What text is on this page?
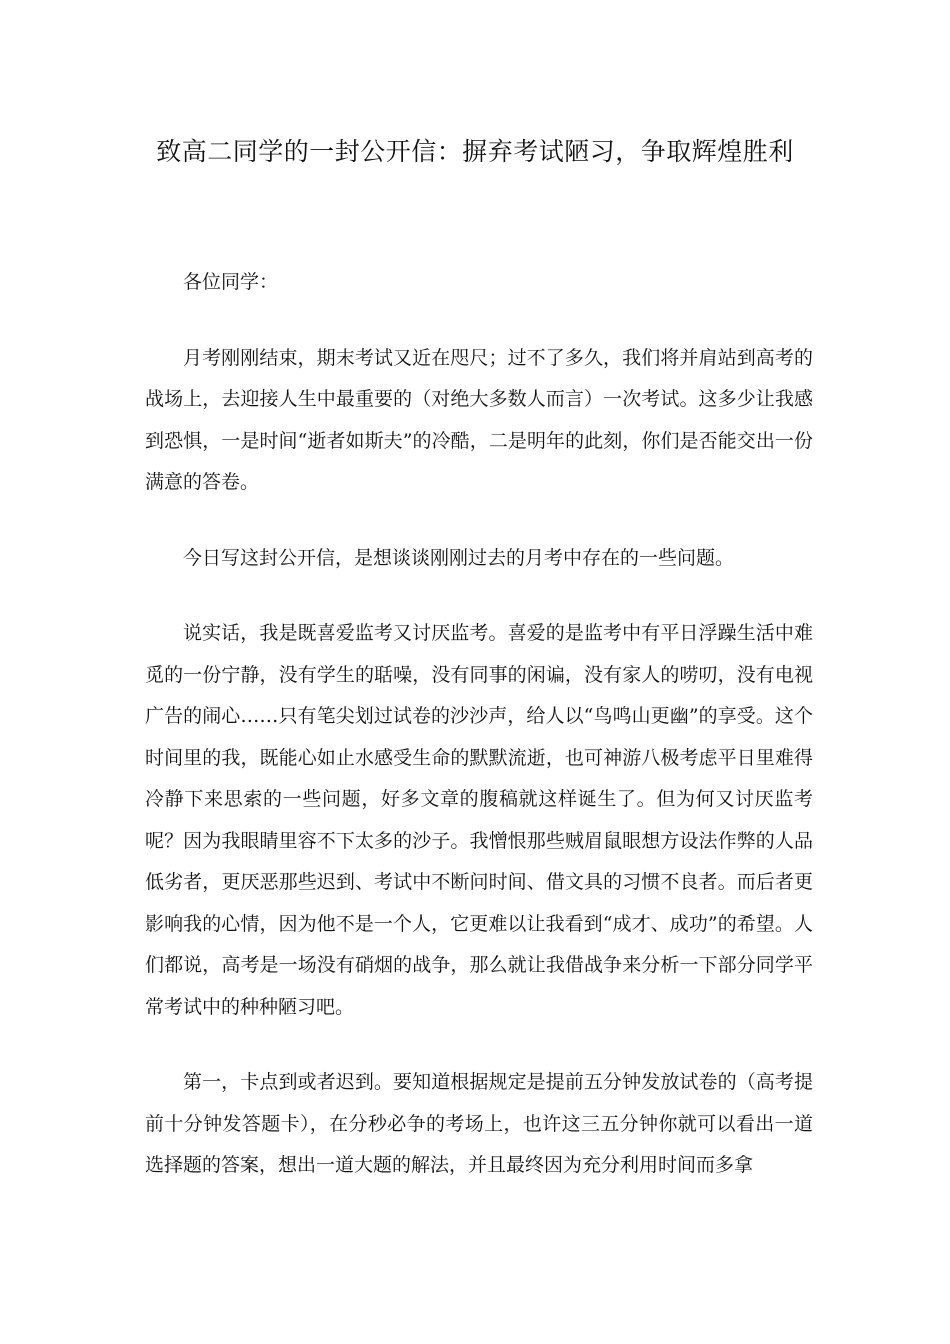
致高二同学的一封公开信：摒弃考试陋习，争取辉煌胜利

各位同学：

月考刚刚结束，期末考试又近在咫尺；过不了多久，我们将并肩站到高考的战场上，去迎接人生中最重要的（对绝大多数人而言）一次考试。这多少让我感到恐惧，一是时间“逝者如斯夫”的冷酷，二是明年的此刻，你们是否能交出一份满意的答卷。

今日写这封公开信，是想谈谈刚刚过去的月考中存在的一些问题。

说实话，我是既喜爱监考又讨厌监考。喜爱的是监考中有平日浮躁生活中难觅的一份宁静，没有学生的聒噪，没有同事的闲谝，没有家人的唠叨，没有电视广告的闹心……只有笔尖划过试卷的沙沙声，给人以“鸟鸣山更幽”的享受。这个时间里的我，既能心如止水感受生命的默默流逝，也可神游八极考虑平日里难得冷静下来思索的一些问题，好多文章的腹稿就这样诞生了。但为何又讨厌监考呢？因为我眼睛里容不下太多的沙子。我憎恨那些贼眉鼠眼想方设法作弊的人品低劣者，更厌恶那些迟到、考试中不断问时间、借文具的习惯不良者。而后者更影响我的心情，因为他不是一个人，它更难以让我看到“成才、成功”的希望。人们都说，高考是一场没有硝烟的战争，那么就让我借战争来分析一下部分同学平常考试中的种种陋习吧。

第一，卡点到或者迟到。要知道根据规定是提前五分钟发放试卷的（高考提前十分钟发答题卡），在分秒必争的考场上，也许这三五分钟你就可以看出一道选择题的答案，想出一道大题的解法，并且最终因为充分利用时间而多拿
